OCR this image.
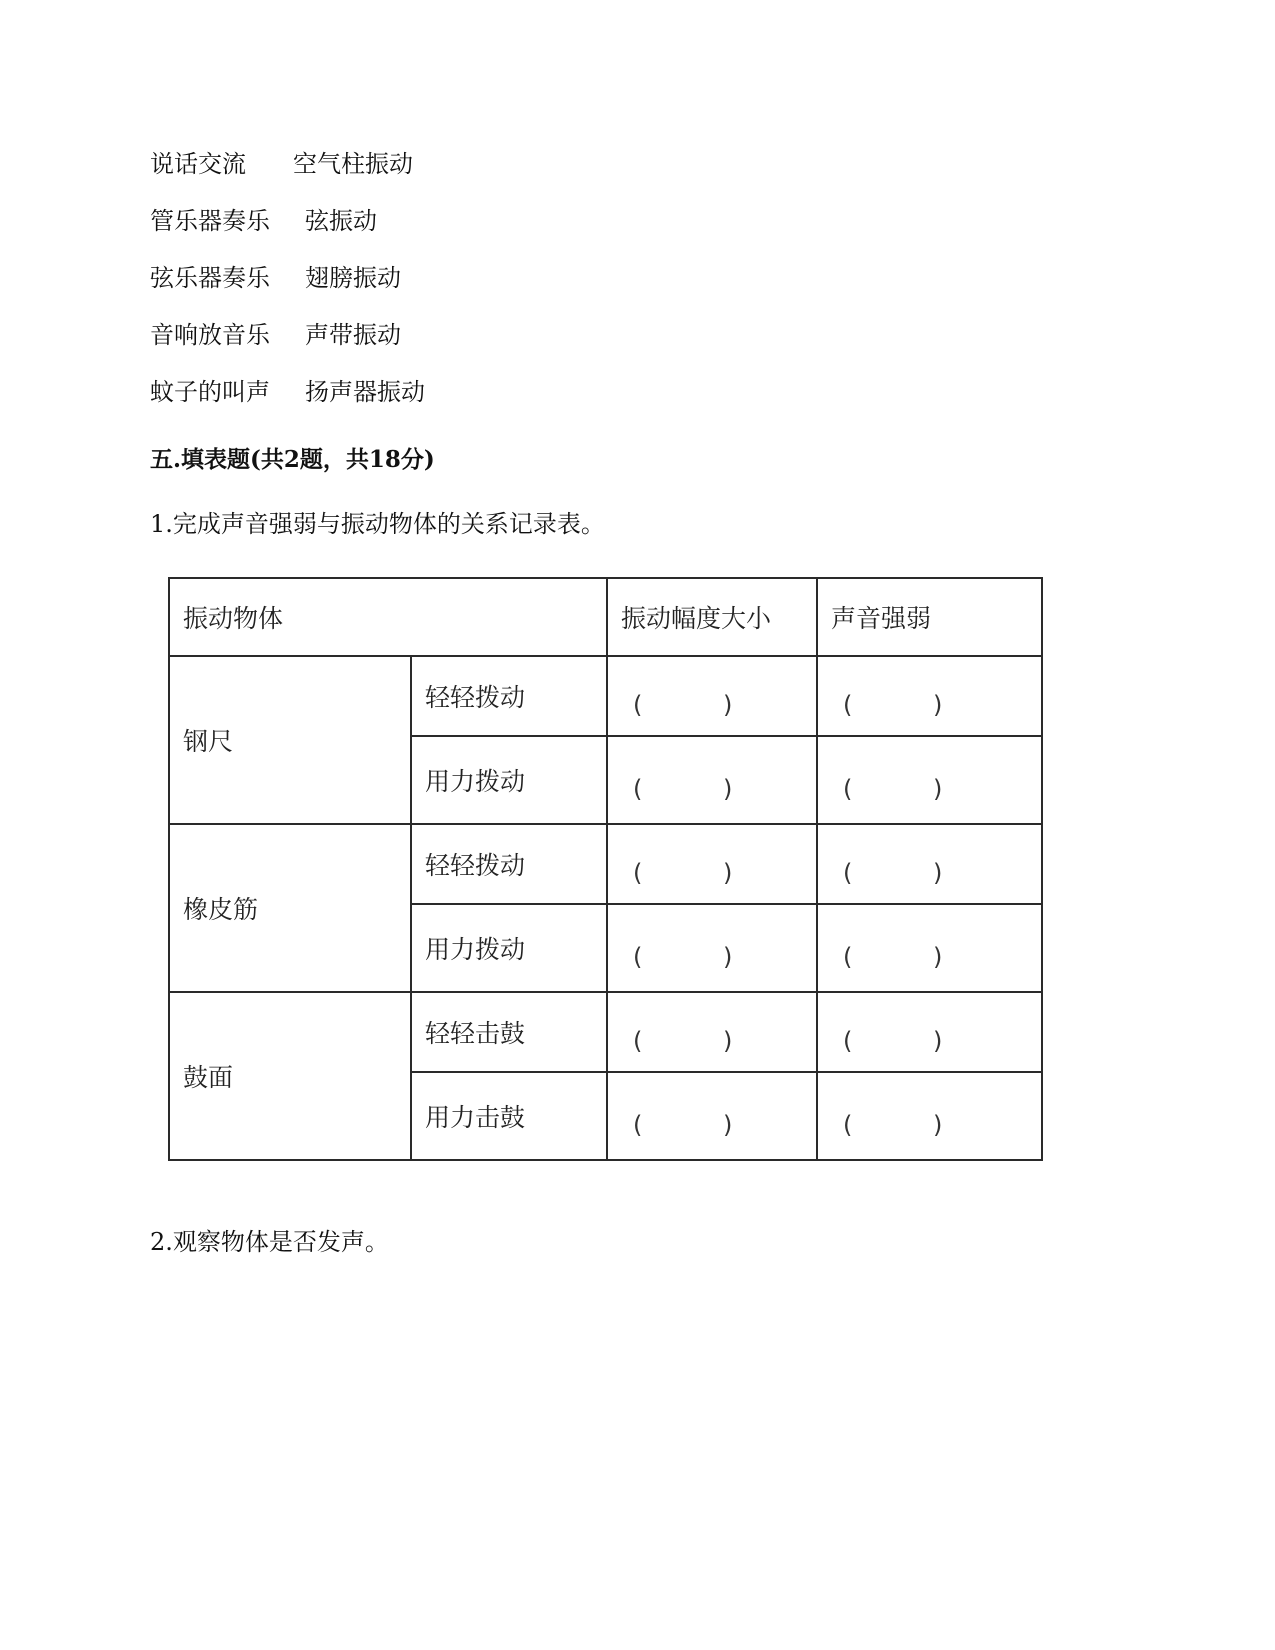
说话交流 空气柱振动
管乐器奏乐 弦振动
弦乐器奏乐 翅膀振动
音响放音乐 声带振动
蚊子的叫声 扬声器振动
五.填表题(共2题，共18分)
1.完成声音强弱与振动物体的关系记录表。
振动物体		振动幅度大小	声音强弱
钢尺	轻轻拨动	( )	( )

	用力拨动	( )	( )

橡皮筋	轻轻拨动	( )	( )

	用力拨动	( )	( )

鼓面	轻轻击鼓	( )	( )

	用力击鼓	( )	( )
2.观察物体是否发声。
